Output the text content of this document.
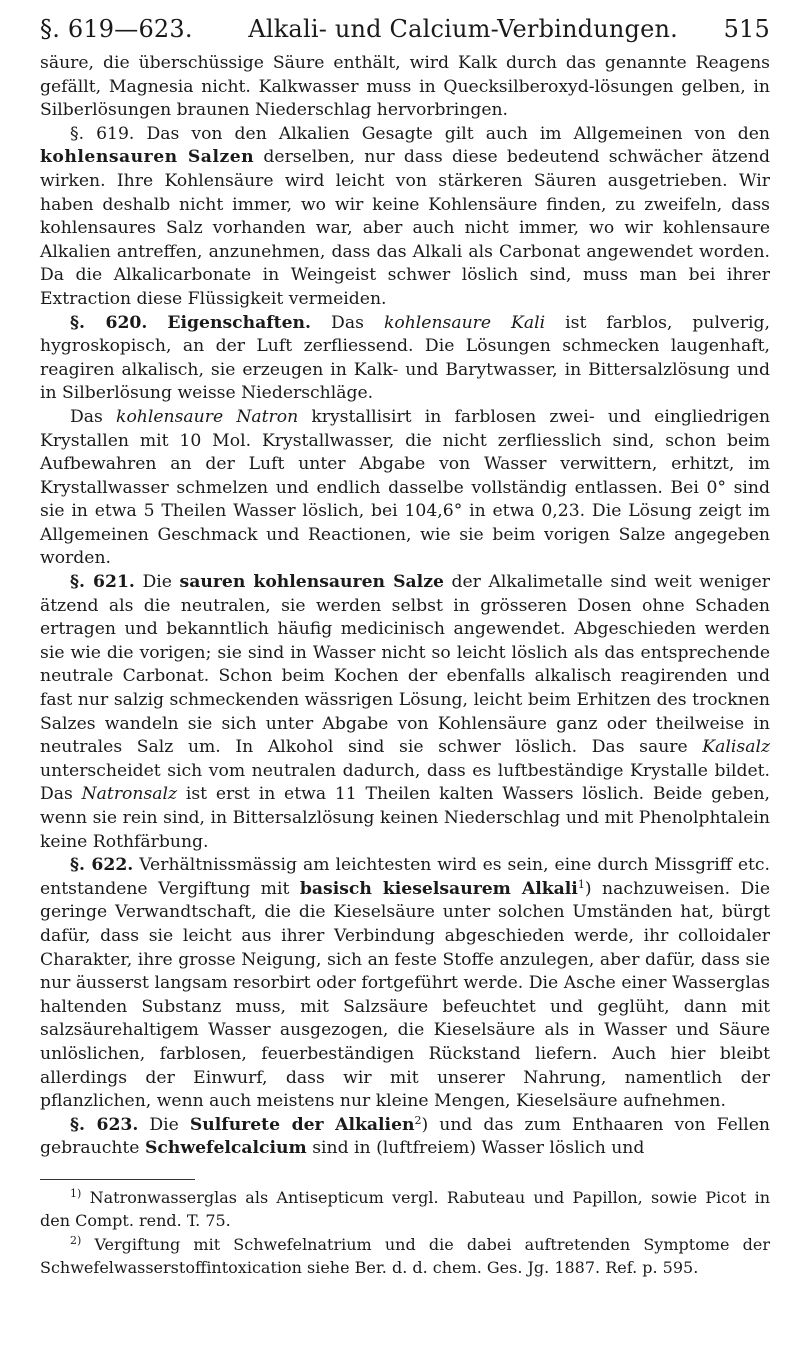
§. 619—623.	Alkali- und Calcium-Verbindungen.	515

säure, die überschüssige Säure enthält, wird Kalk durch das genannte Reagens gefällt, Magnesia nicht. Kalkwasser muss in Quecksilberoxyd-lösungen gelben, in Silberlösungen braunen Niederschlag hervorbringen.

§. 619. Das von den Alkalien Gesagte gilt auch im Allgemeinen von den kohlensauren Salzen derselben, nur dass diese bedeutend schwächer ätzend wirken. Ihre Kohlensäure wird leicht von stärkeren Säuren ausgetrieben. Wir haben deshalb nicht immer, wo wir keine Kohlensäure finden, zu zweifeln, dass kohlensaures Salz vorhanden war, aber auch nicht immer, wo wir kohlensaure Alkalien antreffen, anzunehmen, dass das Alkali als Carbonat angewendet worden. Da die Alkalicarbonate in Weingeist schwer löslich sind, muss man bei ihrer Extraction diese Flüssigkeit vermeiden.

§. 620. Eigenschaften. Das kohlensaure Kali ist farblos, pulverig, hygroskopisch, an der Luft zerfliessend. Die Lösungen schmecken laugenhaft, reagiren alkalisch, sie erzeugen in Kalk- und Barytwasser, in Bittersalzlösung und in Silberlösung weisse Niederschläge.

Das kohlensaure Natron krystallisirt in farblosen zwei- und eingliedrigen Krystallen mit 10 Mol. Krystallwasser, die nicht zerfliesslich sind, schon beim Aufbewahren an der Luft unter Abgabe von Wasser verwittern, erhitzt, im Krystallwasser schmelzen und endlich dasselbe vollständig entlassen. Bei 0° sind sie in etwa 5 Theilen Wasser löslich, bei 104,6° in etwa 0,23. Die Lösung zeigt im Allgemeinen Geschmack und Reactionen, wie sie beim vorigen Salze angegeben worden.

§. 621. Die sauren kohlensauren Salze der Alkalimetalle sind weit weniger ätzend als die neutralen, sie werden selbst in grösseren Dosen ohne Schaden ertragen und bekanntlich häufig medicinisch angewendet. Abgeschieden werden sie wie die vorigen; sie sind in Wasser nicht so leicht löslich als das entsprechende neutrale Carbonat. Schon beim Kochen der ebenfalls alkalisch reagirenden und fast nur salzig schmeckenden wässrigen Lösung, leicht beim Erhitzen des trocknen Salzes wandeln sie sich unter Abgabe von Kohlensäure ganz oder theilweise in neutrales Salz um. In Alkohol sind sie schwer löslich. Das saure Kalisalz unterscheidet sich vom neutralen dadurch, dass es luftbeständige Krystalle bildet. Das Natronsalz ist erst in etwa 11 Theilen kalten Wassers löslich. Beide geben, wenn sie rein sind, in Bittersalzlösung keinen Niederschlag und mit Phenolphtalein keine Rothfärbung.

§. 622. Verhältnissmässig am leichtesten wird es sein, eine durch Missgriff etc. entstandene Vergiftung mit basisch kieselsaurem Alkali$^1$) nachzuweisen. Die geringe Verwandtschaft, die die Kieselsäure unter solchen Umständen hat, bürgt dafür, dass sie leicht aus ihrer Verbindung abgeschieden werde, ihr colloidaler Charakter, ihre grosse Neigung, sich an feste Stoffe anzulegen, aber dafür, dass sie nur äusserst langsam resorbirt oder fortgeführt werde. Die Asche einer Wasserglas haltenden Substanz muss, mit Salzsäure befeuchtet und geglüht, dann mit salzsäurehaltigem Wasser ausgezogen, die Kieselsäure als in Wasser und Säure unlöslichen, farblosen, feuerbeständigen Rückstand liefern. Auch hier bleibt allerdings der Einwurf, dass wir mit unserer Nahrung, namentlich der pflanzlichen, wenn auch meistens nur kleine Mengen, Kieselsäure aufnehmen.

§. 623. Die Sulfurete der Alkalien$^2$) und das zum Enthaaren von Fellen gebrauchte Schwefelcalcium sind in (luftfreiem) Wasser löslich und

$^{1)}$ Natronwasserglas als Antisepticum vergl. Rabuteau und Papillon, sowie Picot in den Compt. rend. T. 75.

$^{2)}$ Vergiftung mit Schwefelnatrium und die dabei auftretenden Symptome der Schwefelwasserstoffintoxication siehe Ber. d. d. chem. Ges. Jg. 1887. Ref. p. 595.
